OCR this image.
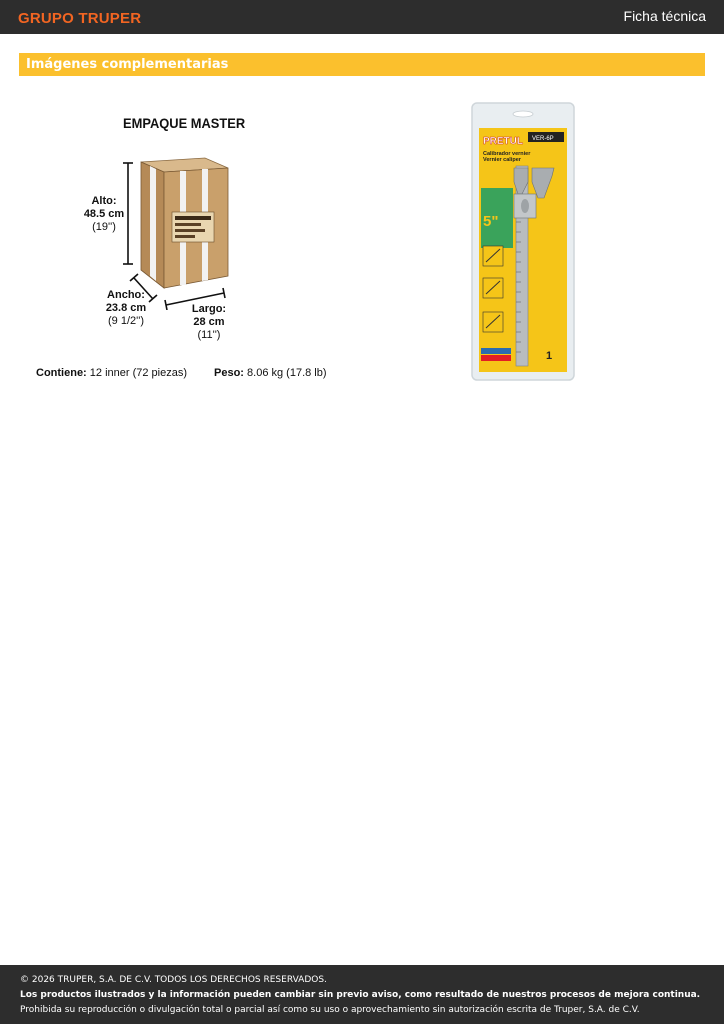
GRUPO TRUPER	Ficha técnica
Imágenes complementarias
EMPAQUE MASTER
Alto:
48.5 cm
(19'')
Ancho:
23.8 cm
(9 1/2'')
Largo:
28 cm
(11'')
Contiene: 12 inner (72 piezas) Peso: 8.06 kg (17.8 lb)
PRETUL VER-6P
Calibrador vernier
Vernier caliper
5"
1

© 2026 TRUPER, S.A. DE C.V. TODOS LOS DERECHOS RESERVADOS.

Los productos ilustrados y la información pueden cambiar sin previo aviso, como resultado de nuestros procesos de mejora continua.

Prohibida su reproducción o divulgación total o parcial así como su uso o aprovechamiento sin autorización escrita de Truper, S.A. de C.V.
